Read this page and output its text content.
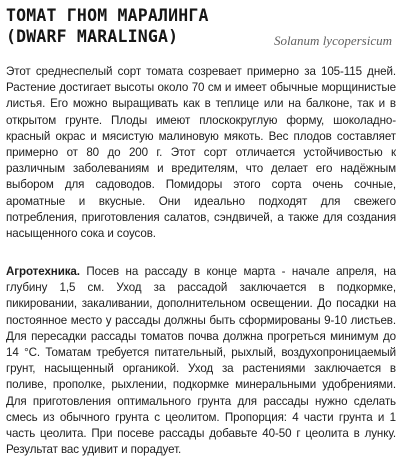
ТОМАТ ГНОМ МАРАЛИНГА
(DWARF MARALINGA)	Solanum lycopersicum
Этот среднеспелый сорт томата созревает примерно за 105-115 дней. Растение достигает высоты около 70 см и имеет обычные морщинистые листья. Его можно выращивать как в теплице или на балконе, так и в открытом грунте. Плоды имеют плоскокруглую форму, шоколадно-красный окрас и мясистую малиновую мякоть. Вес плодов составляет примерно от 80 до 200 г. Этот сорт отличается устойчивостью к различным заболеваниям и вредителям, что делает его надёжным выбором для садоводов. Помидоры этого сорта очень сочные, ароматные и вкусные. Они идеально подходят для свежего потребления, приготовления салатов, сэндвичей, а также для создания насыщенного сока и соусов.
Агротехника. Посев на рассаду в конце марта - начале апреля, на глубину 1,5 см. Уход за рассадой заключается в подкормке, пикировании, закаливании, дополнительном освещении. До посадки на постоянное место у рассады должны быть сформированы 9-10 листьев. Для пересадки рассады томатов почва должна прогреться минимум до 14 °С. Томатам требуется питательный, рыхлый, воздухопроницаемый грунт, насыщенный органикой. Уход за растениями заключается в поливе, прополке, рыхлении, подкормке минеральными удобрениями. Для приготовления оптимального грунта для рассады нужно сделать смесь из обычного грунта с цеолитом. Пропорция: 4 части грунта и 1 часть цеолита. При посеве рассады добавьте 40-50 г цеолита в лунку. Результат вас удивит и порадует.
